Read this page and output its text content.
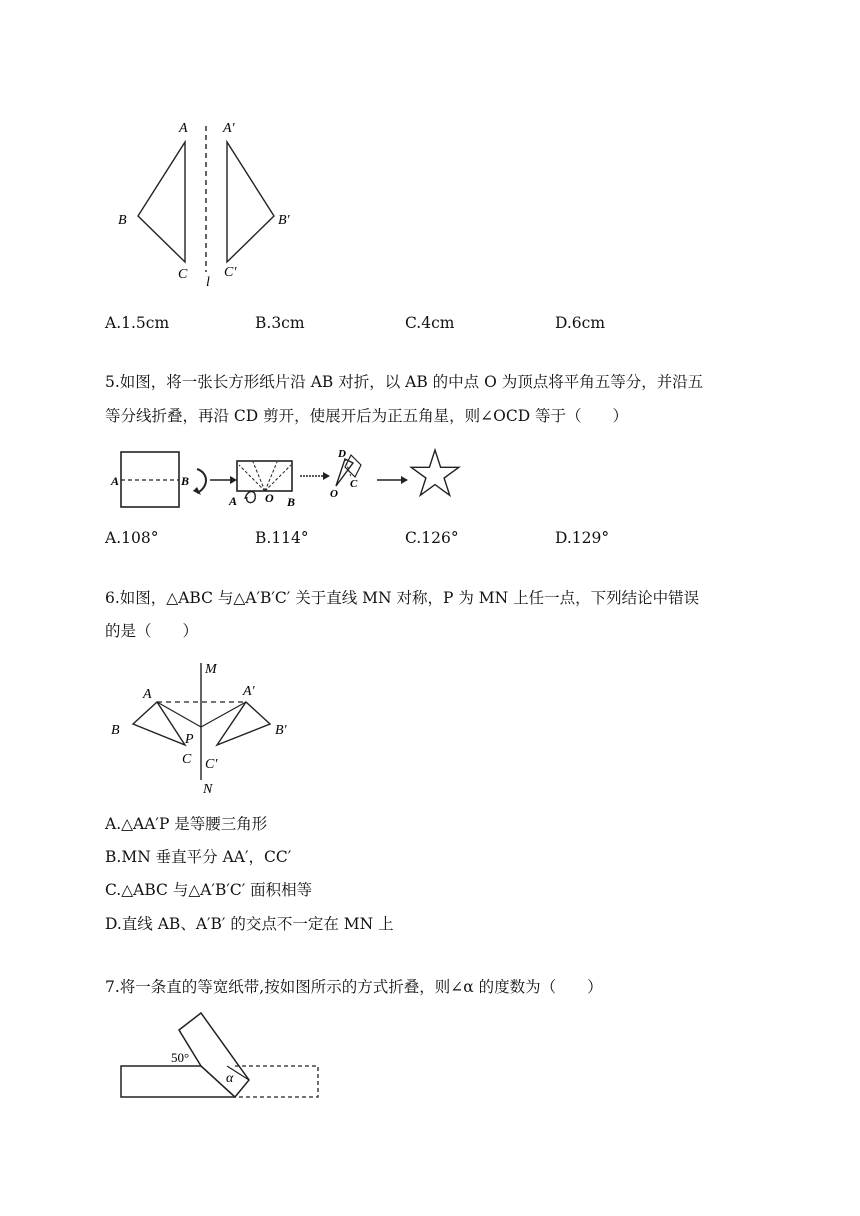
A	A′
B	B′
C	C′
l
A.1.5cm	B.3cm	C.4cm	D.6cm
5.如图，将一张长方形纸片沿 AB 对折，以 AB 的中点 O 为顶点将平角五等分，并沿五
等分线折叠，再沿 CD 剪开，使展开后为正五角星，则∠OCD 等于（　　）
A	B
A O B
D
O
C
A.108°	B.114°	C.126°	D.129°
6.如图，△ABC 与△A′B′C′ 关于直线 MN 对称，P 为 MN 上任一点，下列结论中错误
的是（　　）
M
A	A′
B	B′
P
C C′
N
A.△AA′P 是等腰三角形
B.MN 垂直平分 AA′，CC′
C.△ABC 与△A′B′C′ 面积相等
D.直线 AB、A′B′ 的交点不一定在 MN 上
7.将一条直的等宽纸带,按如图所示的方式折叠，则∠α 的度数为（　　）
50°
α
